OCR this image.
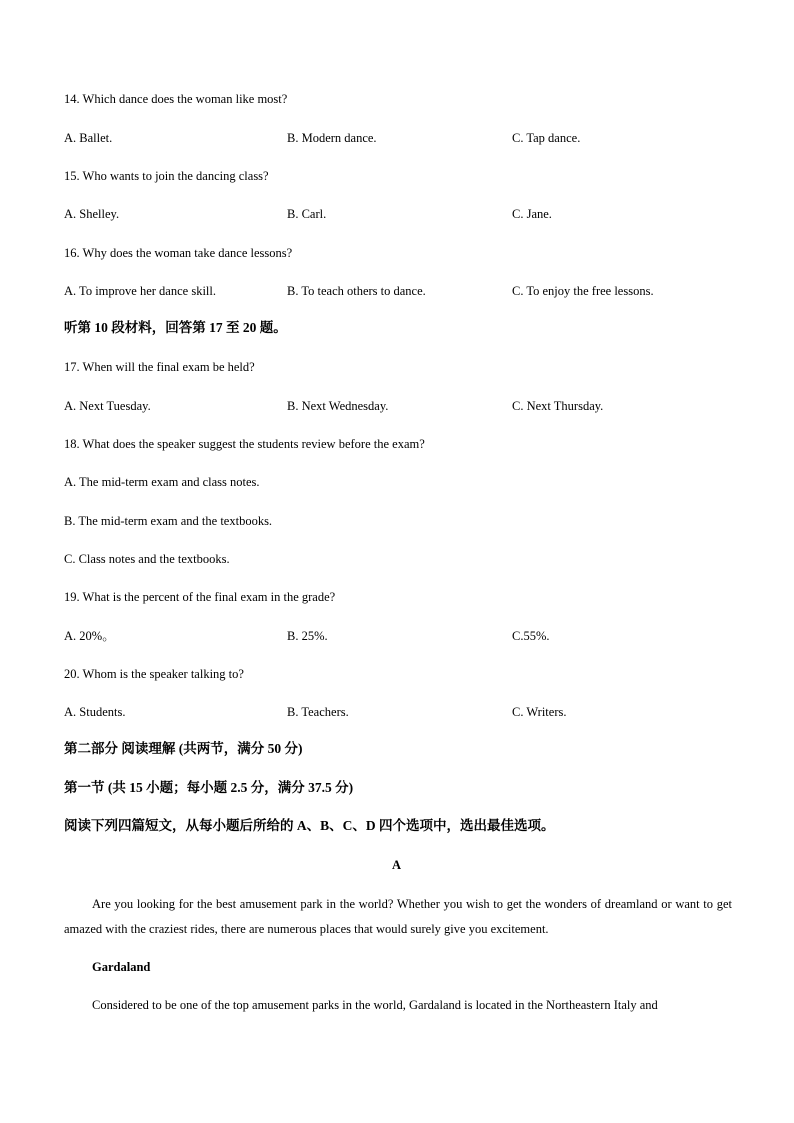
14. Which dance does the woman like most?
A. Ballet.	B. Modern dance.	C. Tap dance.
15. Who wants to join the dancing class?
A. Shelley.	B. Carl.	C. Jane.
16. Why does the woman take dance lessons?
A. To improve her dance skill.	B. To teach others to dance.	C. To enjoy the free lessons.
听第 10 段材料，回答第 17 至 20 题。
17. When will the final exam be held?
A. Next Tuesday.	B. Next Wednesday.	C. Next Thursday.
18. What does the speaker suggest the students review before the exam?
A. The mid-term exam and class notes.
B. The mid-term exam and the textbooks.
C. Class notes and the textbooks.
19. What is the percent of the final exam in the grade?
A. 20%。	B. 25%.	C.55%.
20. Whom is the speaker talking to?
A. Students.	B. Teachers.	C. Writers.
第二部分 阅读理解 (共两节，满分 50 分)
第一节 (共 15 小题；每小题 2.5 分，满分 37.5 分)
阅读下列四篇短文，从每小题后所给的 A、B、C、D 四个选项中，选出最佳选项。
A
Are you looking for the best amusement park in the world? Whether you wish to get the wonders of dreamland or want to get amazed with the craziest rides, there are numerous places that would surely give you excitement.
Gardaland
Considered to be one of the top amusement parks in the world, Gardaland is located in the Northeastern Italy and
